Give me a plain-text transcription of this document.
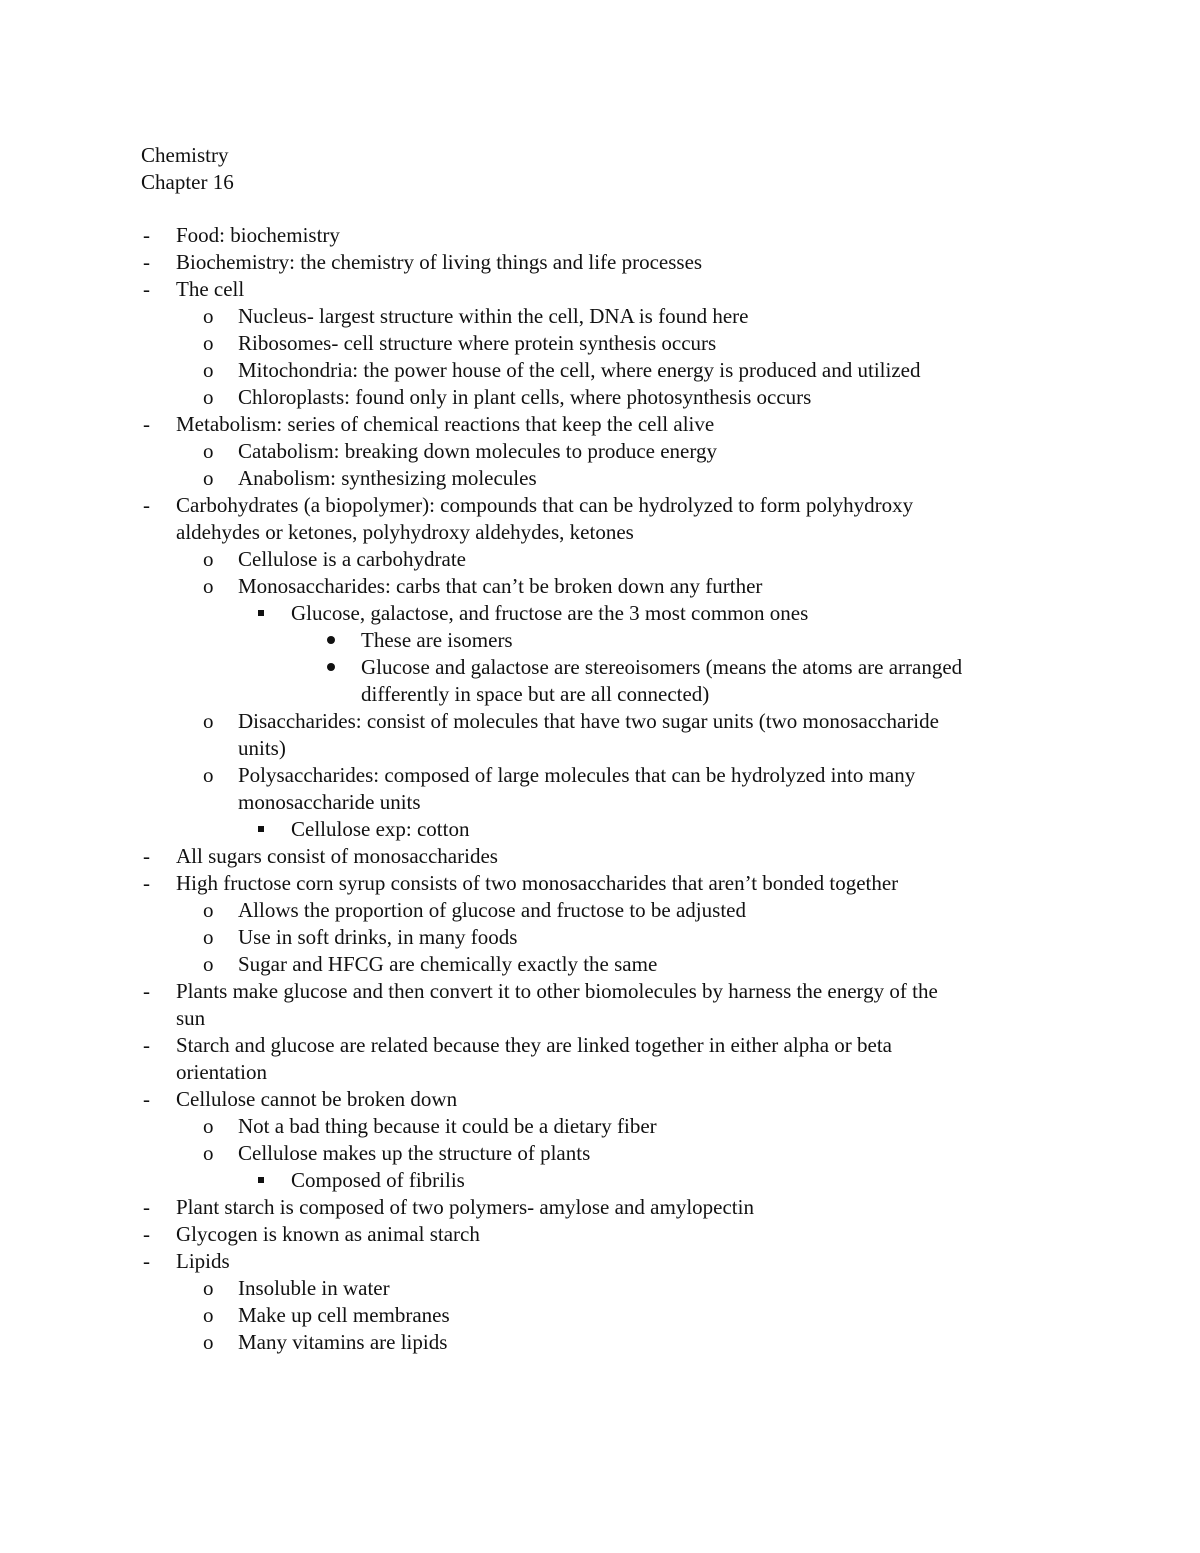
Chemistry
Chapter 16
- Food: biochemistry
- Biochemistry: the chemistry of living things and life processes
- The cell
o Nucleus- largest structure within the cell, DNA is found here
o Ribosomes- cell structure where protein synthesis occurs
o Mitochondria: the power house of the cell, where energy is produced and utilized
o Chloroplasts: found only in plant cells, where photosynthesis occurs
- Metabolism: series of chemical reactions that keep the cell alive
o Catabolism: breaking down molecules to produce energy
o Anabolism: synthesizing molecules
- Carbohydrates (a biopolymer): compounds that can be hydrolyzed to form polyhydroxy
aldehydes or ketones, polyhydroxy aldehydes, ketones
o Cellulose is a carbohydrate
o Monosaccharides: carbs that can’t be broken down any further
Glucose, galactose, and fructose are the 3 most common ones
These are isomers
Glucose and galactose are stereoisomers (means the atoms are arranged
differently in space but are all connected)
o Disaccharides: consist of molecules that have two sugar units (two monosaccharide
units)
o Polysaccharides: composed of large molecules that can be hydrolyzed into many
monosaccharide units
Cellulose exp: cotton
- All sugars consist of monosaccharides
- High fructose corn syrup consists of two monosaccharides that aren’t bonded together
o Allows the proportion of glucose and fructose to be adjusted
o Use in soft drinks, in many foods
o Sugar and HFCG are chemically exactly the same
- Plants make glucose and then convert it to other biomolecules by harness the energy of the
sun
- Starch and glucose are related because they are linked together in either alpha or beta
orientation
- Cellulose cannot be broken down
o Not a bad thing because it could be a dietary fiber
o Cellulose makes up the structure of plants
Composed of fibrilis
- Plant starch is composed of two polymers- amylose and amylopectin
- Glycogen is known as animal starch
- Lipids
o Insoluble in water
o Make up cell membranes
o Many vitamins are lipids
